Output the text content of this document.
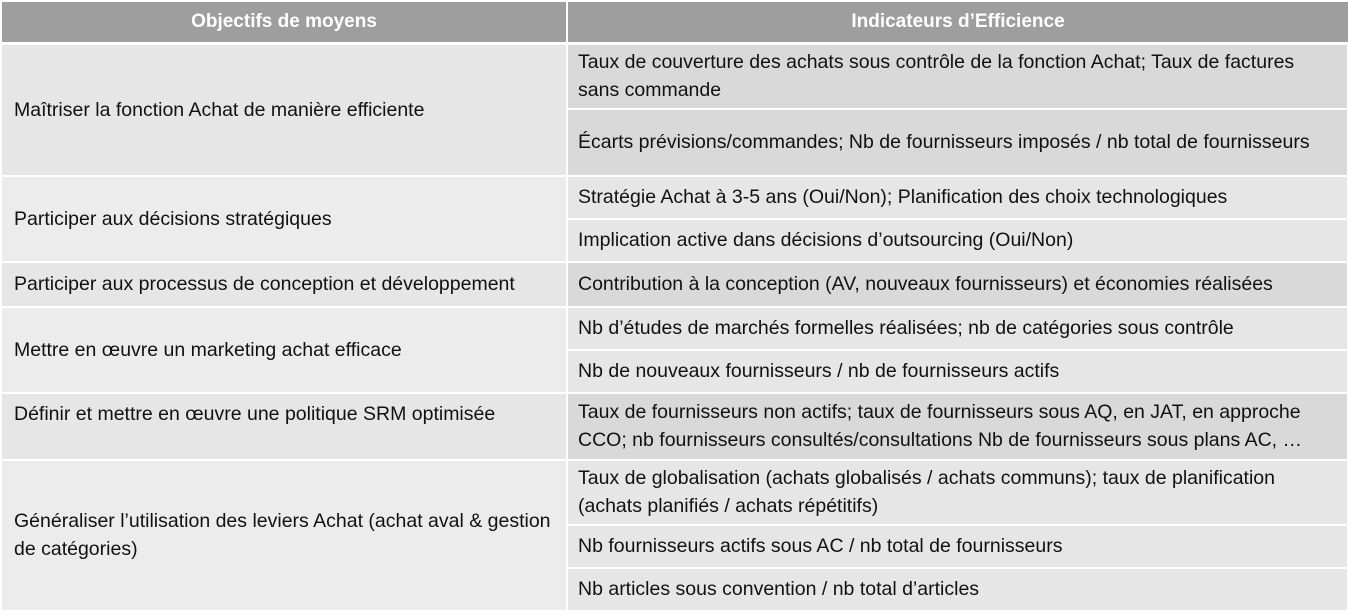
Objectifs de moyens	Indicateurs d’Efficience
Maîtriser la fonction Achat de manière efficiente	Taux de couverture des achats sous contrôle de la fonction Achat; Taux de factures sans commande
	Écarts prévisions/commandes; Nb de fournisseurs imposés / nb total de fournisseurs
Participer aux décisions stratégiques	Stratégie Achat à 3-5 ans (Oui/Non); Planification des choix technologiques
	Implication active dans décisions d’outsourcing (Oui/Non)
Participer aux processus de conception et développement	Contribution à la conception (AV, nouveaux fournisseurs) et économies réalisées
Mettre en œuvre un marketing achat efficace	Nb d’études de marchés formelles réalisées; nb de catégories sous contrôle
	Nb de nouveaux fournisseurs / nb de fournisseurs actifs
Définir et mettre en œuvre une politique SRM optimisée	Taux de fournisseurs non actifs; taux de fournisseurs sous AQ, en JAT, en approche CCO; nb fournisseurs consultés/consultations Nb de fournisseurs sous plans AC, …
Généraliser l’utilisation des leviers Achat (achat aval & gestion de catégories)	Taux de globalisation (achats globalisés / achats communs); taux de planification (achats planifiés / achats répétitifs)
	Nb fournisseurs actifs sous AC / nb total de fournisseurs
	Nb articles sous convention / nb total d’articles
